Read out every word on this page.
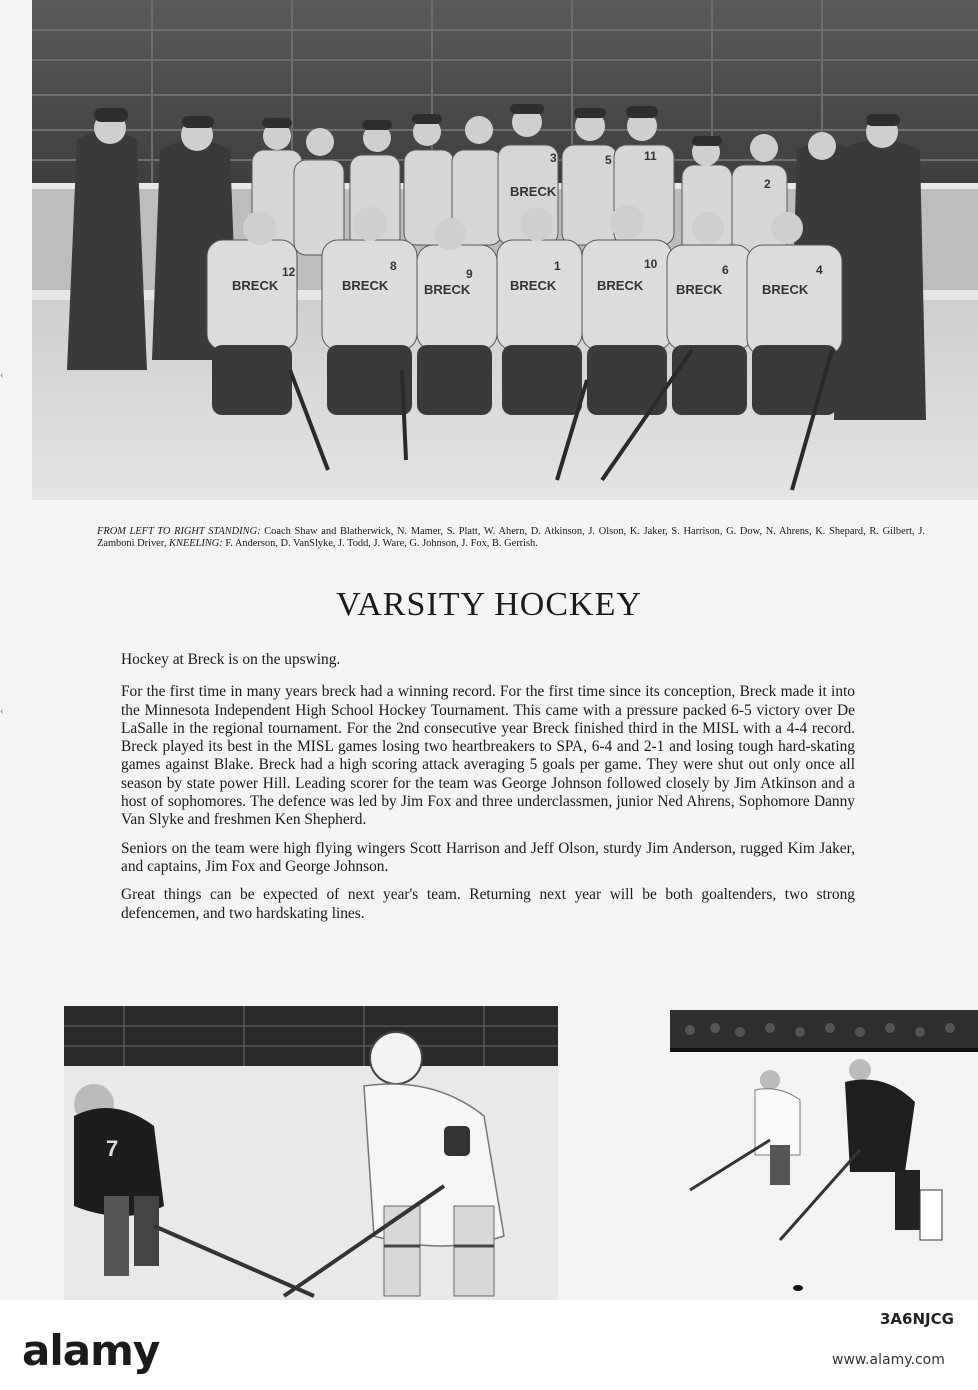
BRECK	BRECK	BRECK	BRECK	BRECK	BRECK	BRECK
BRECK
12	8
9
1	10	6	4
3	5	11
2
‹
‹
FROM LEFT TO RIGHT STANDING: Coach Shaw and Blatherwick, N. Mamer, S. Platt, W. Ahern, D. Atkinson, J. Olson, K. Jaker, S. Harrison, G. Dow, N. Ahrens, K. Shepard, R. Gilbert, J. Zamboni Driver, KNEELING: F. Anderson, D. VanSlyke, J. Todd, J. Ware, G. Johnson, J. Fox, B. Gerrish.
VARSITY HOCKEY

Hockey at Breck is on the upswing.

For the first time in many years breck had a winning record. For the first time since its conception, Breck made it into the Minnesota Independent High School Hockey Tournament. This came with a pressure packed 6-5 victory over De LaSalle in the regional tournament. For the 2nd consecutive year Breck finished third in the MISL with a 4-4 record. Breck played its best in the MISL games losing two heartbreakers to SPA, 6-4 and 2-1 and losing tough hard-skating games against Blake. Breck had a high scoring attack averaging 5 goals per game. They were shut out only once all season by state power Hill. Leading scorer for the team was George Johnson followed closely by Jim Atkinson and a host of sophomores. The defence was led by Jim Fox and three underclassmen, junior Ned Ahrens, Sophomore Danny Van Slyke and freshmen Ken Shepherd.

Seniors on the team were high flying wingers Scott Harrison and Jeff Olson, sturdy Jim Anderson, rugged Kim Jaker, and captains, Jim Fox and George Johnson.

Great things can be expected of next year's team. Returning next year will be both goaltenders, two strong defencemen, and two hardskating lines.

7
alamy
3A6NJCG
www.alamy.com
